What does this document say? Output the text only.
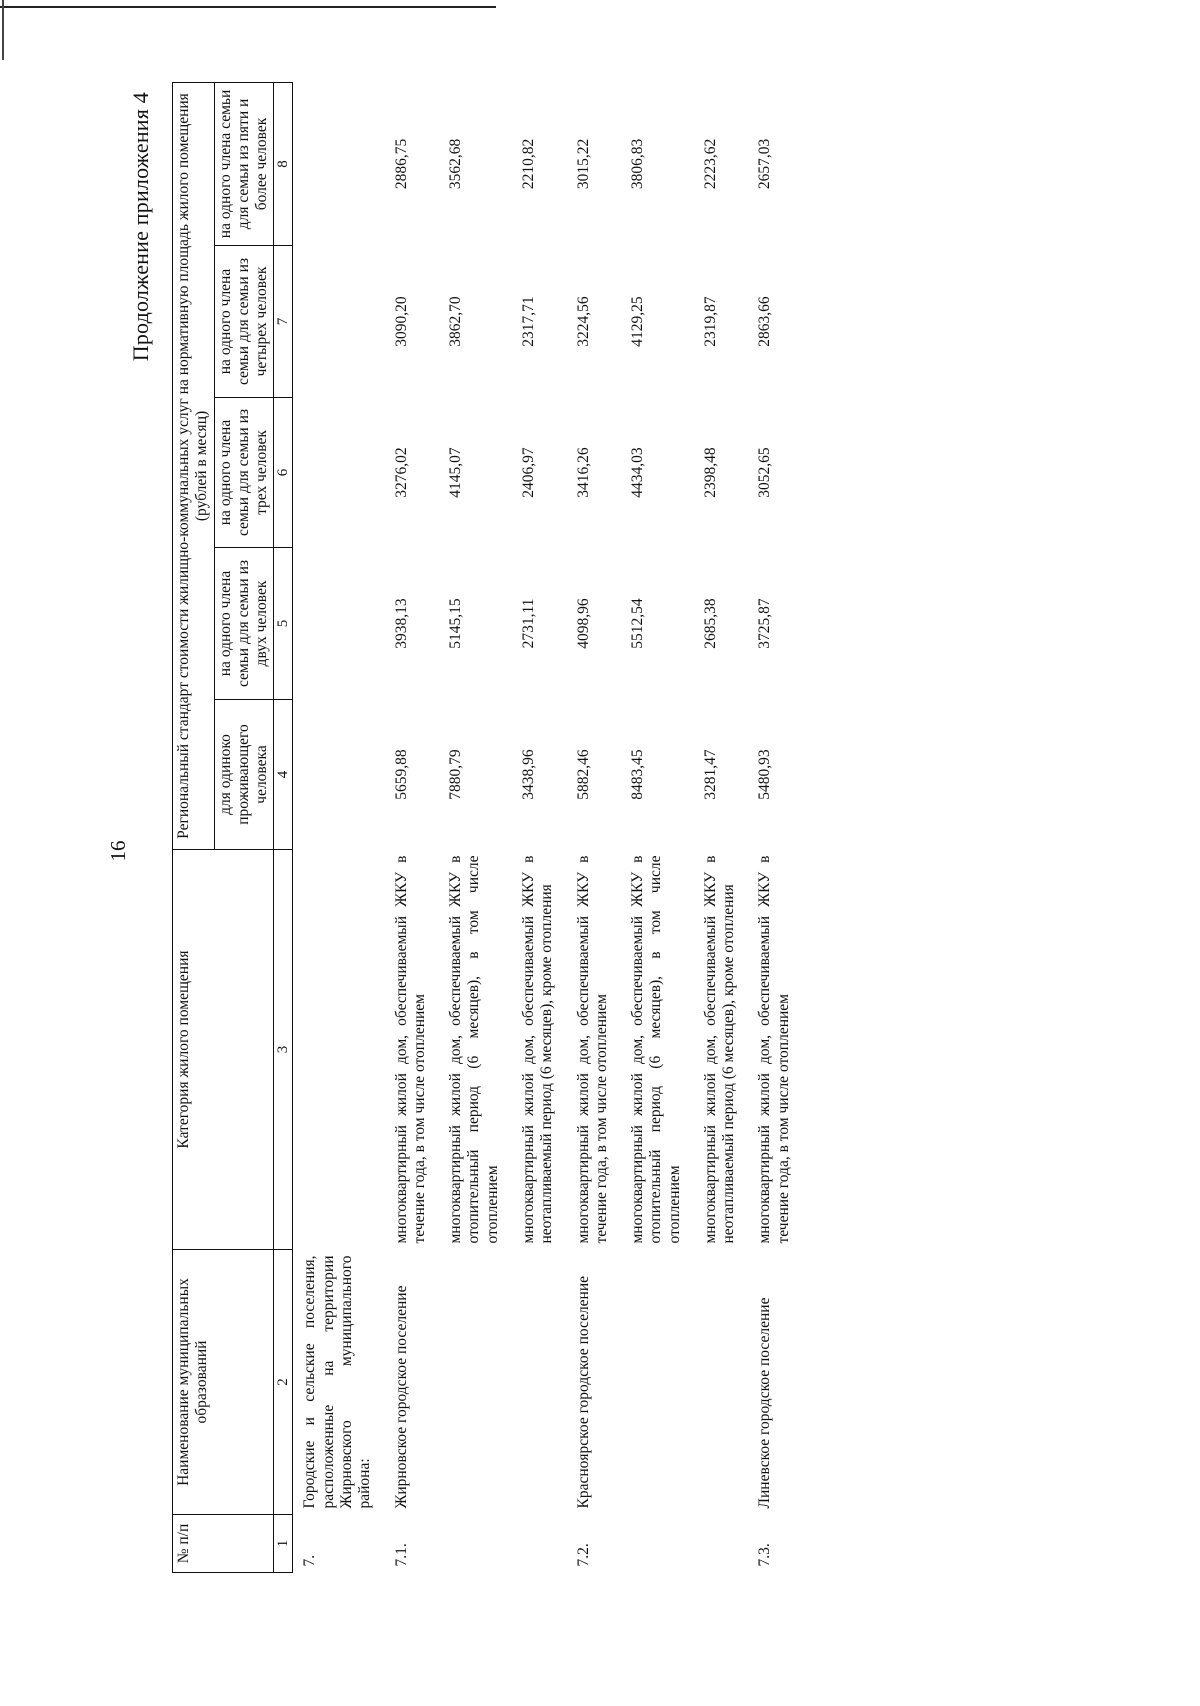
16
Продолжение приложения 4
№ п/п	Наименование муниципальных образований	Категория жилого помещения	Региональный стандарт стоимости жилищно-коммунальных услуг на нормативную площадь жилого помещения (рублей в месяц)				
			для одиноко проживающего человека	на одного члена семьи для семьи из двух человек	на одного члена семьи для семьи из трех человек	на одного члена семьи для семьи из четырех человек	на одного члена семьи для семьи из пяти и более человек
1	2	3	4	5	6	7	8
7.	Городские и сельские поселения, расположенные на территории Жирновского муниципального района:						
7.1.	Жирновское городское поселение	многоквартирный жилой дом, обеспечиваемый ЖКУ в течение года, в том числе отоплением	5659,88	3938,13	3276,02	3090,20	2886,75
		многоквартирный жилой дом, обеспечиваемый ЖКУ в отопительный период (6 месяцев), в том числе отоплением	7880,79	5145,15	4145,07	3862,70	3562,68
		многоквартирный жилой дом, обеспечиваемый ЖКУ в неотапливаемый период (6 месяцев), кроме отопления	3438,96	2731,11	2406,97	2317,71	2210,82
7.2.	Краснoярское городское поселение	многоквартирный жилой дом, обеспечиваемый ЖКУ в течение года, в том числе отоплением	5882,46	4098,96	3416,26	3224,56	3015,22
		многоквартирный жилой дом, обеспечиваемый ЖКУ в отопительный период (6 месяцев), в том числе отоплением	8483,45	5512,54	4434,03	4129,25	3806,83
		многоквартирный жилой дом, обеспечиваемый ЖКУ в неотапливаемый период (6 месяцев), кроме отопления	3281,47	2685,38	2398,48	2319,87	2223,62
7.3.	Линевское городское поселение	многоквартирный жилой дом, обеспечиваемый ЖКУ в течение года, в том числе отоплением	5480,93	3725,87	3052,65	2863,66	2657,03
